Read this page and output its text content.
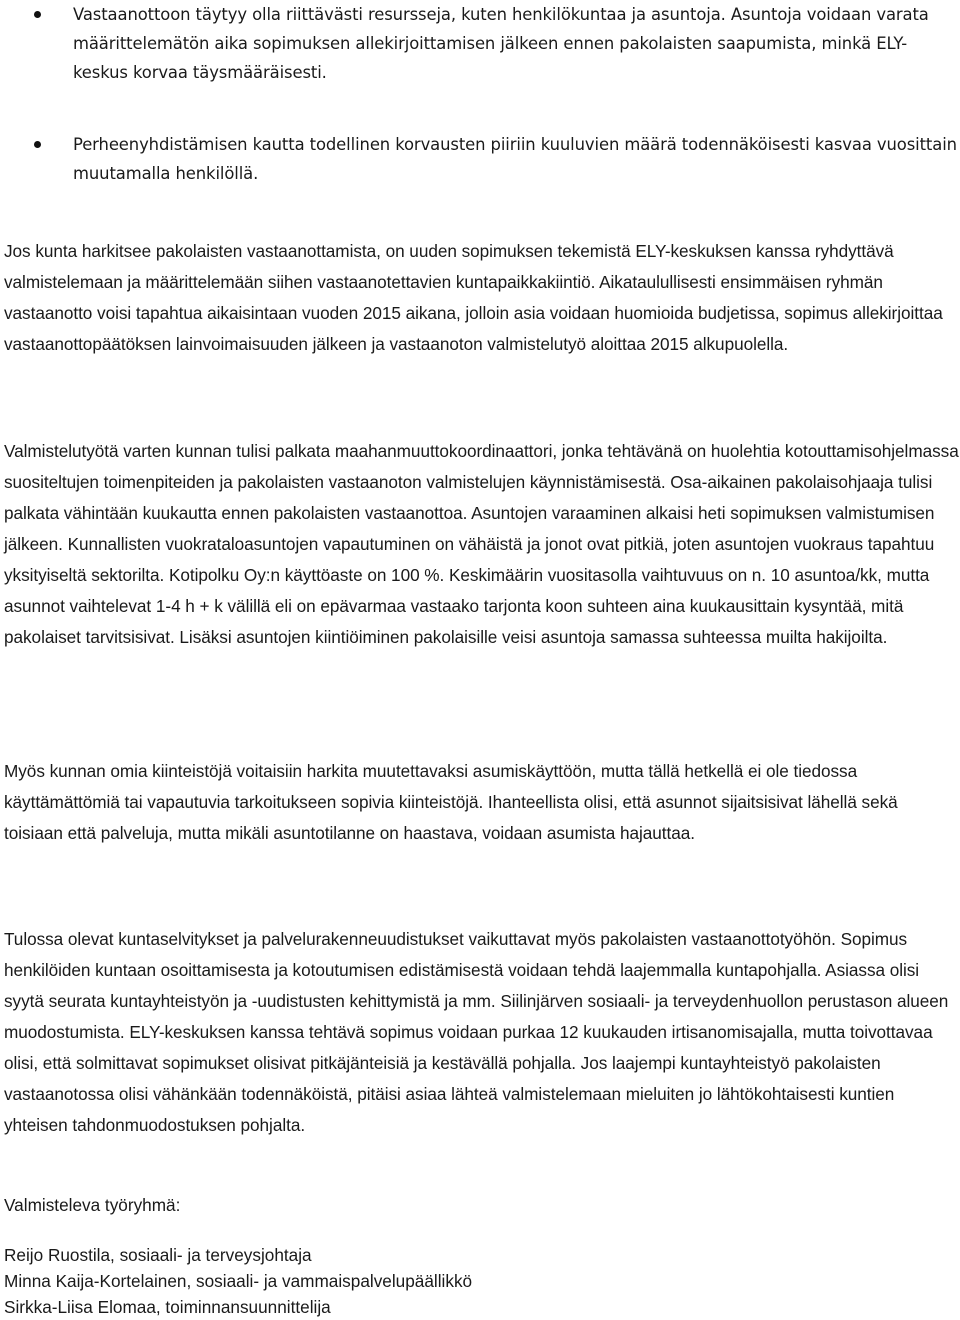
Vastaanottoon täytyy olla riittävästi resursseja, kuten henkilökuntaa ja asuntoja. Asuntoja voidaan varata määrittelemätön aika sopimuksen allekirjoittamisen jälkeen ennen pakolaisten saapumista, minkä ELY-keskus korvaa täysmääräisesti.
Perheenyhdistämisen kautta todellinen korvausten piiriin kuuluvien määrä todennäköisesti kasvaa vuosittain muutamalla henkilöllä.

Jos kunta harkitsee pakolaisten vastaanottamista, on uuden sopimuksen tekemistä ELY-keskuksen kanssa ryhdyttävä valmistelemaan ja määrittelemään siihen vastaanotettavien kuntapaikkakiintiö. Aikataulullisesti ensimmäisen ryhmän vastaanotto voisi tapahtua aikaisintaan vuoden 2015 aikana, jolloin asia voidaan huomioida budjetissa, sopimus allekirjoittaa vastaanottopäätöksen lainvoimaisuuden jälkeen ja vastaanoton valmistelutyö aloittaa 2015 alkupuolella.

Valmistelutyötä varten kunnan tulisi palkata maahanmuuttokoordinaattori, jonka tehtävänä on huolehtia kotouttamisohjelmassa suositeltujen toimenpiteiden ja pakolaisten vastaanoton valmistelujen käynnistämisestä. Osa-aikainen pakolaisohjaaja tulisi palkata vähintään kuukautta ennen pakolaisten vastaanottoa. Asuntojen varaaminen alkaisi heti sopimuksen valmistumisen jälkeen. Kunnallisten vuokrataloasuntojen vapautuminen on vähäistä ja jonot ovat pitkiä, joten asuntojen vuokraus tapahtuu yksityiseltä sektorilta. Kotipolku Oy:n käyttöaste on 100 %. Keskimäärin vuositasolla vaihtuvuus on n. 10 asuntoa/kk, mutta asunnot vaihtelevat 1-4 h + k välillä eli on epävarmaa vastaako tarjonta koon suhteen aina kuukausittain kysyntää, mitä pakolaiset tarvitsisivat. Lisäksi asuntojen kiintiöiminen pakolaisille veisi asuntoja samassa suhteessa muilta hakijoilta.

Myös kunnan omia kiinteistöjä voitaisiin harkita muutettavaksi asumiskäyttöön, mutta tällä hetkellä ei ole tiedossa käyttämättömiä tai vapautuvia tarkoitukseen sopivia kiinteistöjä. Ihanteellista olisi, että asunnot sijaitsisivat lähellä sekä toisiaan että palveluja, mutta mikäli asuntotilanne on haastava, voidaan asumista hajauttaa.

Tulossa olevat kuntaselvitykset ja palvelurakenneuudistukset vaikuttavat myös pakolaisten vastaanottotyöhön. Sopimus henkilöiden kuntaan osoittamisesta ja kotoutumisen edistämisestä voidaan tehdä laajemmalla kuntapohjalla. Asiassa olisi syytä seurata kuntayhteistyön ja -uudistusten kehittymistä ja mm. Siilinjärven sosiaali- ja terveydenhuollon perustason alueen muodostumista. ELY-keskuksen kanssa tehtävä sopimus voidaan purkaa 12 kuukauden irtisanomisajalla, mutta toivottavaa olisi, että solmittavat sopimukset olisivat pitkäjänteisiä ja kestävällä pohjalla. Jos laajempi kuntayhteistyö pakolaisten vastaanotossa olisi vähänkään todennäköistä, pitäisi asiaa lähteä valmistelemaan mieluiten jo lähtökohtaisesti kuntien yhteisen tahdonmuodostuksen pohjalta.

Valmisteleva työryhmä:

Reijo Ruostila, sosiaali- ja terveysjohtaja

Minna Kaija-Kortelainen, sosiaali- ja vammaispalvelupäällikkö

Sirkka-Liisa Elomaa, toiminnansuunnittelija
